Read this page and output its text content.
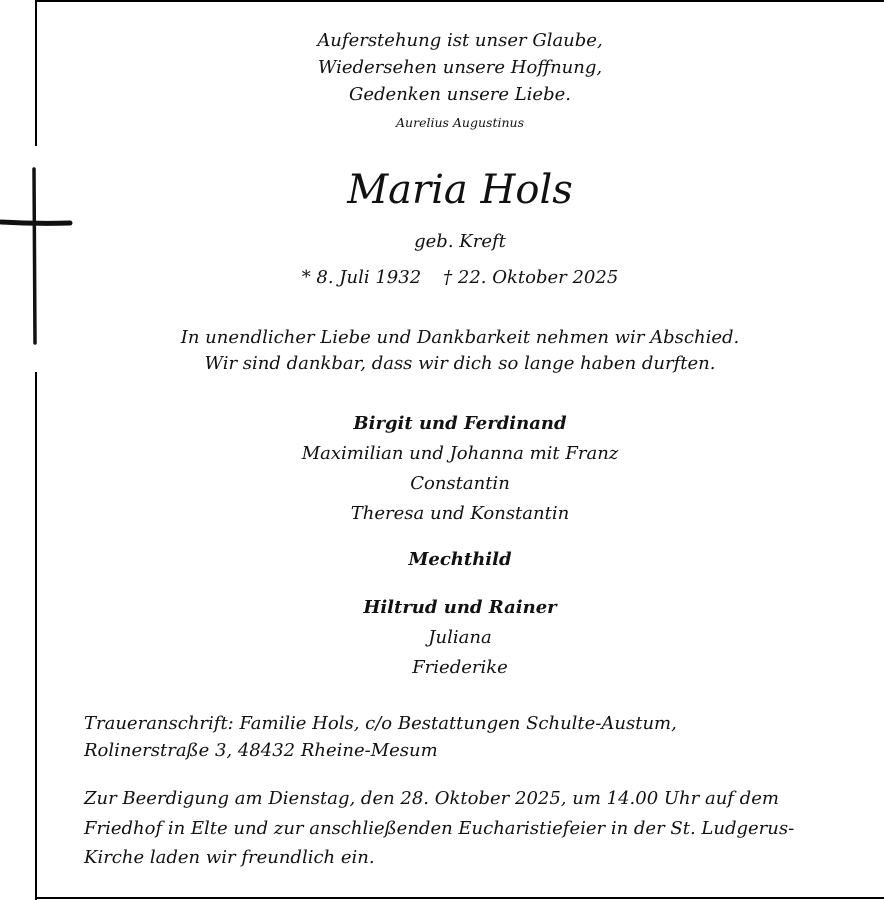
Auferstehung ist unser Glaube,

Wiedersehen unsere Hoffnung,

Gedenken unsere Liebe.

Aurelius Augustinus

Maria Hols

geb. Kreft

* 8. Juli 1932 † 22. Oktober 2025

In unendlicher Liebe und Dankbarkeit nehmen wir Abschied.

Wir sind dankbar, dass wir dich so lange haben durften.

Birgit und Ferdinand

Maximilian und Johanna mit Franz

Constantin

Theresa und Konstantin

Mechthild

Hiltrud und Rainer

Juliana

Friederike

Traueranschrift: Familie Hols, c/o Bestattungen Schulte-Austum,

Rolinerstraße 3, 48432 Rheine-Mesum

Zur Beerdigung am Dienstag, den 28. Oktober 2025, um 14.00 Uhr auf dem

Friedhof in Elte und zur anschließenden Eucharistiefeier in der St. Ludgerus-

Kirche laden wir freundlich ein.
